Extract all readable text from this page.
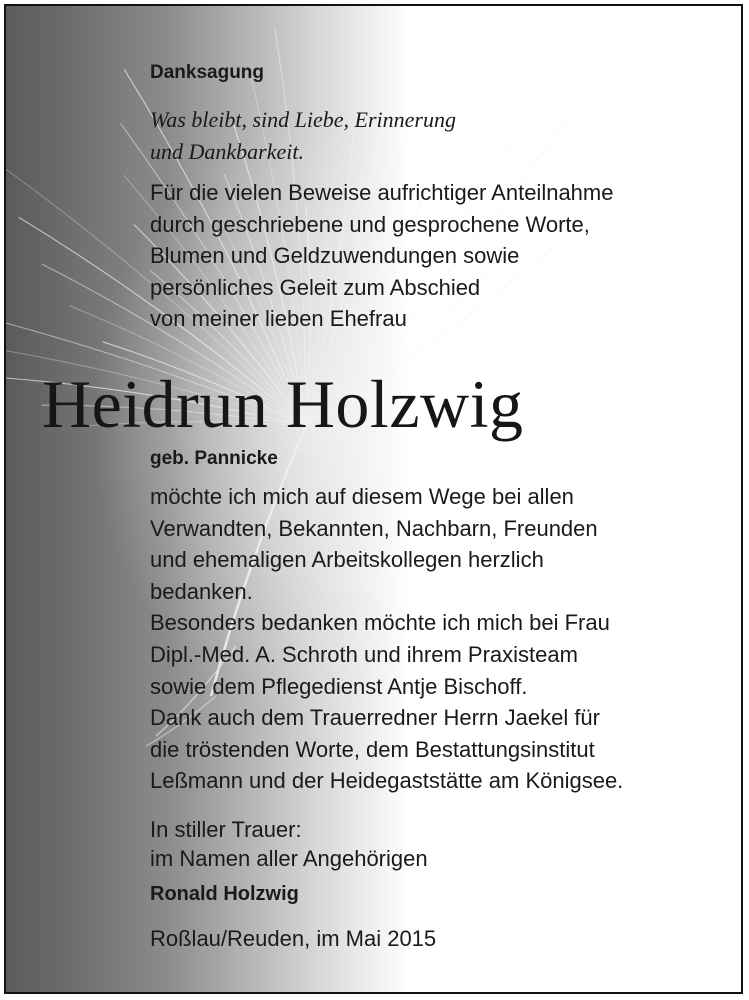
Danksagung
Was bleibt, sind Liebe, Erinnerung
und Dankbarkeit.
Für die vielen Beweise aufrichtiger Anteilnahme
durch geschriebene und gesprochene Worte,
Blumen und Geldzuwendungen sowie
persönliches Geleit zum Abschied
von meiner lieben Ehefrau
Heidrun Holzwig
geb. Pannicke
möchte ich mich auf diesem Wege bei allen
Verwandten, Bekannten, Nachbarn, Freunden
und ehemaligen Arbeitskollegen herzlich
bedanken.
Besonders bedanken möchte ich mich bei Frau
Dipl.-Med. A. Schroth und ihrem Praxisteam
sowie dem Pflegedienst Antje Bischoff.
Dank auch dem Trauerredner Herrn Jaekel für
die tröstenden Worte, dem Bestattungsinstitut
Leßmann und der Heidegaststätte am Königsee.
In stiller Trauer:
im Namen aller Angehörigen
Ronald Holzwig
Roßlau/Reuden, im Mai 2015
